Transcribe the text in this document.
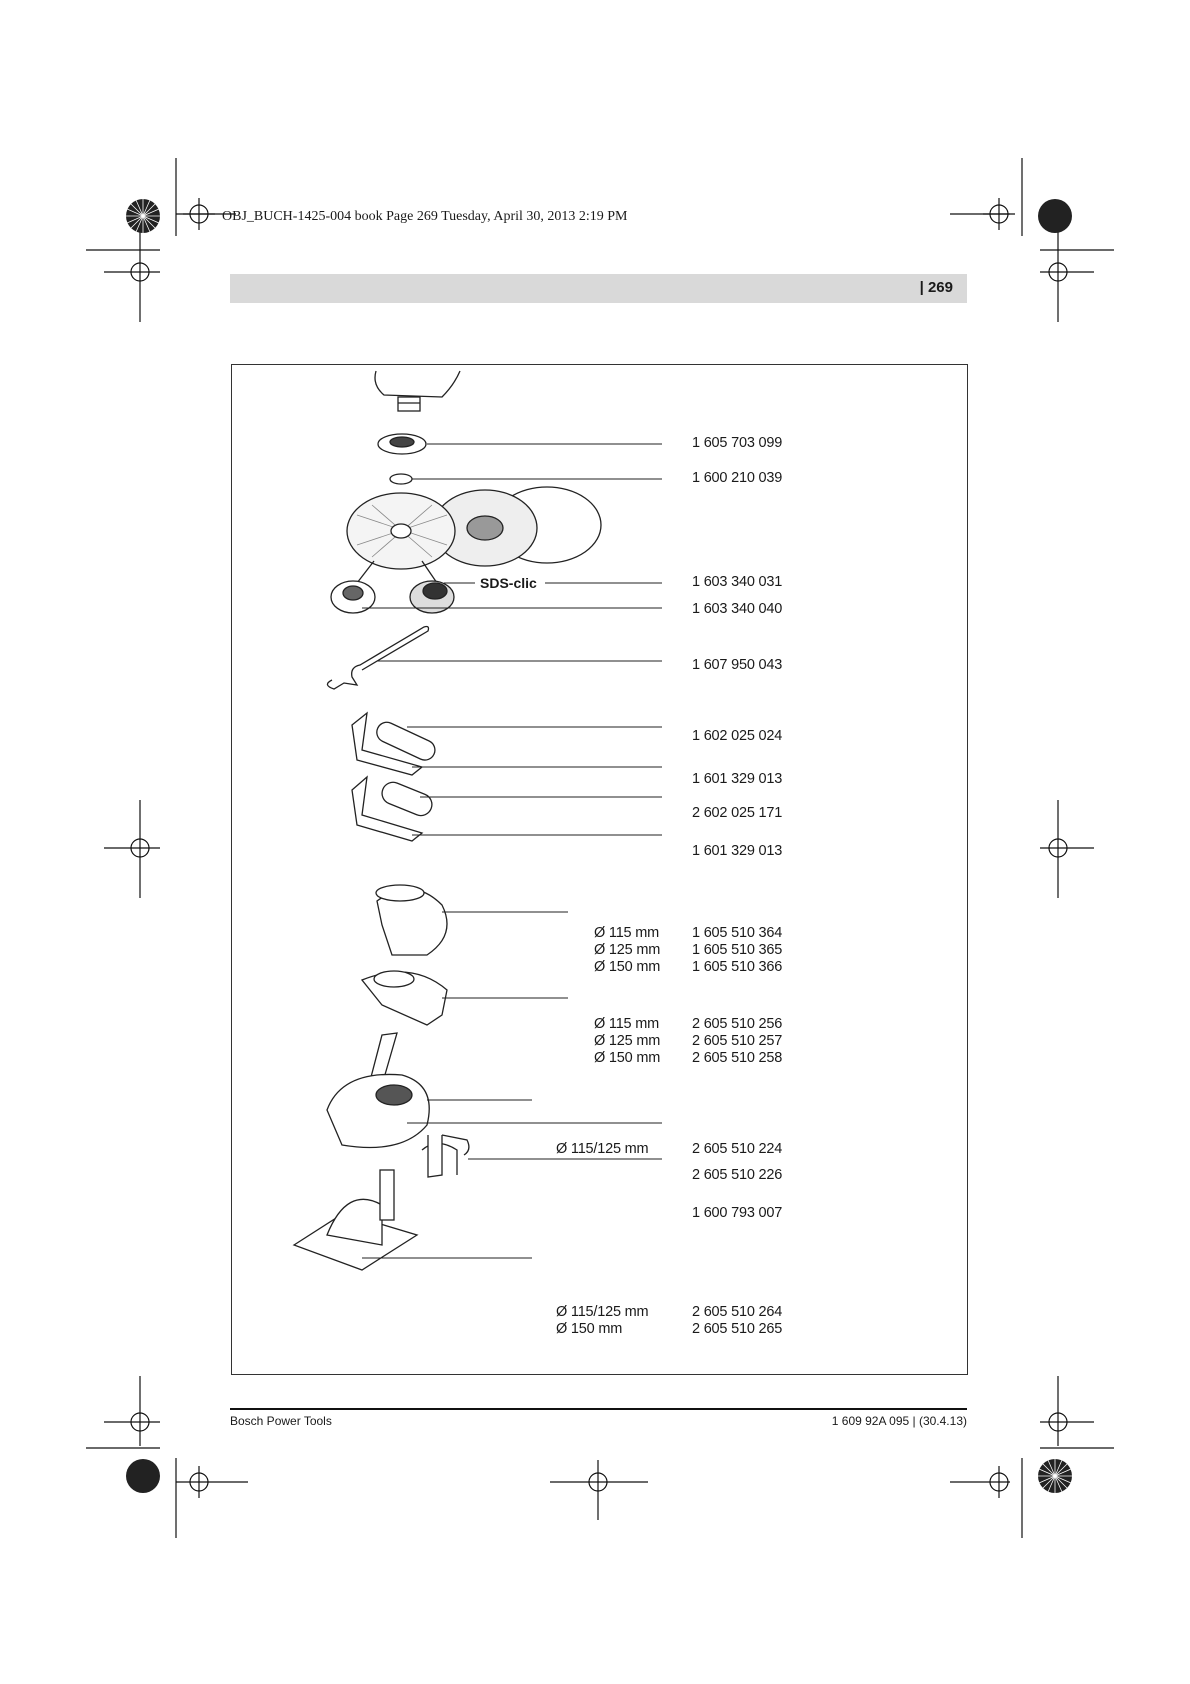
OBJ_BUCH-1425-004 book Page 269 Tuesday, April 30, 2013 2:19 PM
| 269
SDS-clic
1 605 703 099
1 600 210 039
1 603 340 031
1 603 340 040
1 607 950 043
1 602 025 024
1 601 329 013
2 602 025 171
1 601 329 013
Ø 115 mm
Ø 125 mm
Ø 150 mm
1 605 510 364
1 605 510 365
1 605 510 366
Ø 115 mm
Ø 125 mm
Ø 150 mm
2 605 510 256
2 605 510 257
2 605 510 258
Ø 115/125 mm	2 605 510 224
2 605 510 226
1 600 793 007
Ø 115/125 mm
Ø 150 mm
2 605 510 264
2 605 510 265
Bosch Power Tools	1 609 92A 095 | (30.4.13)
